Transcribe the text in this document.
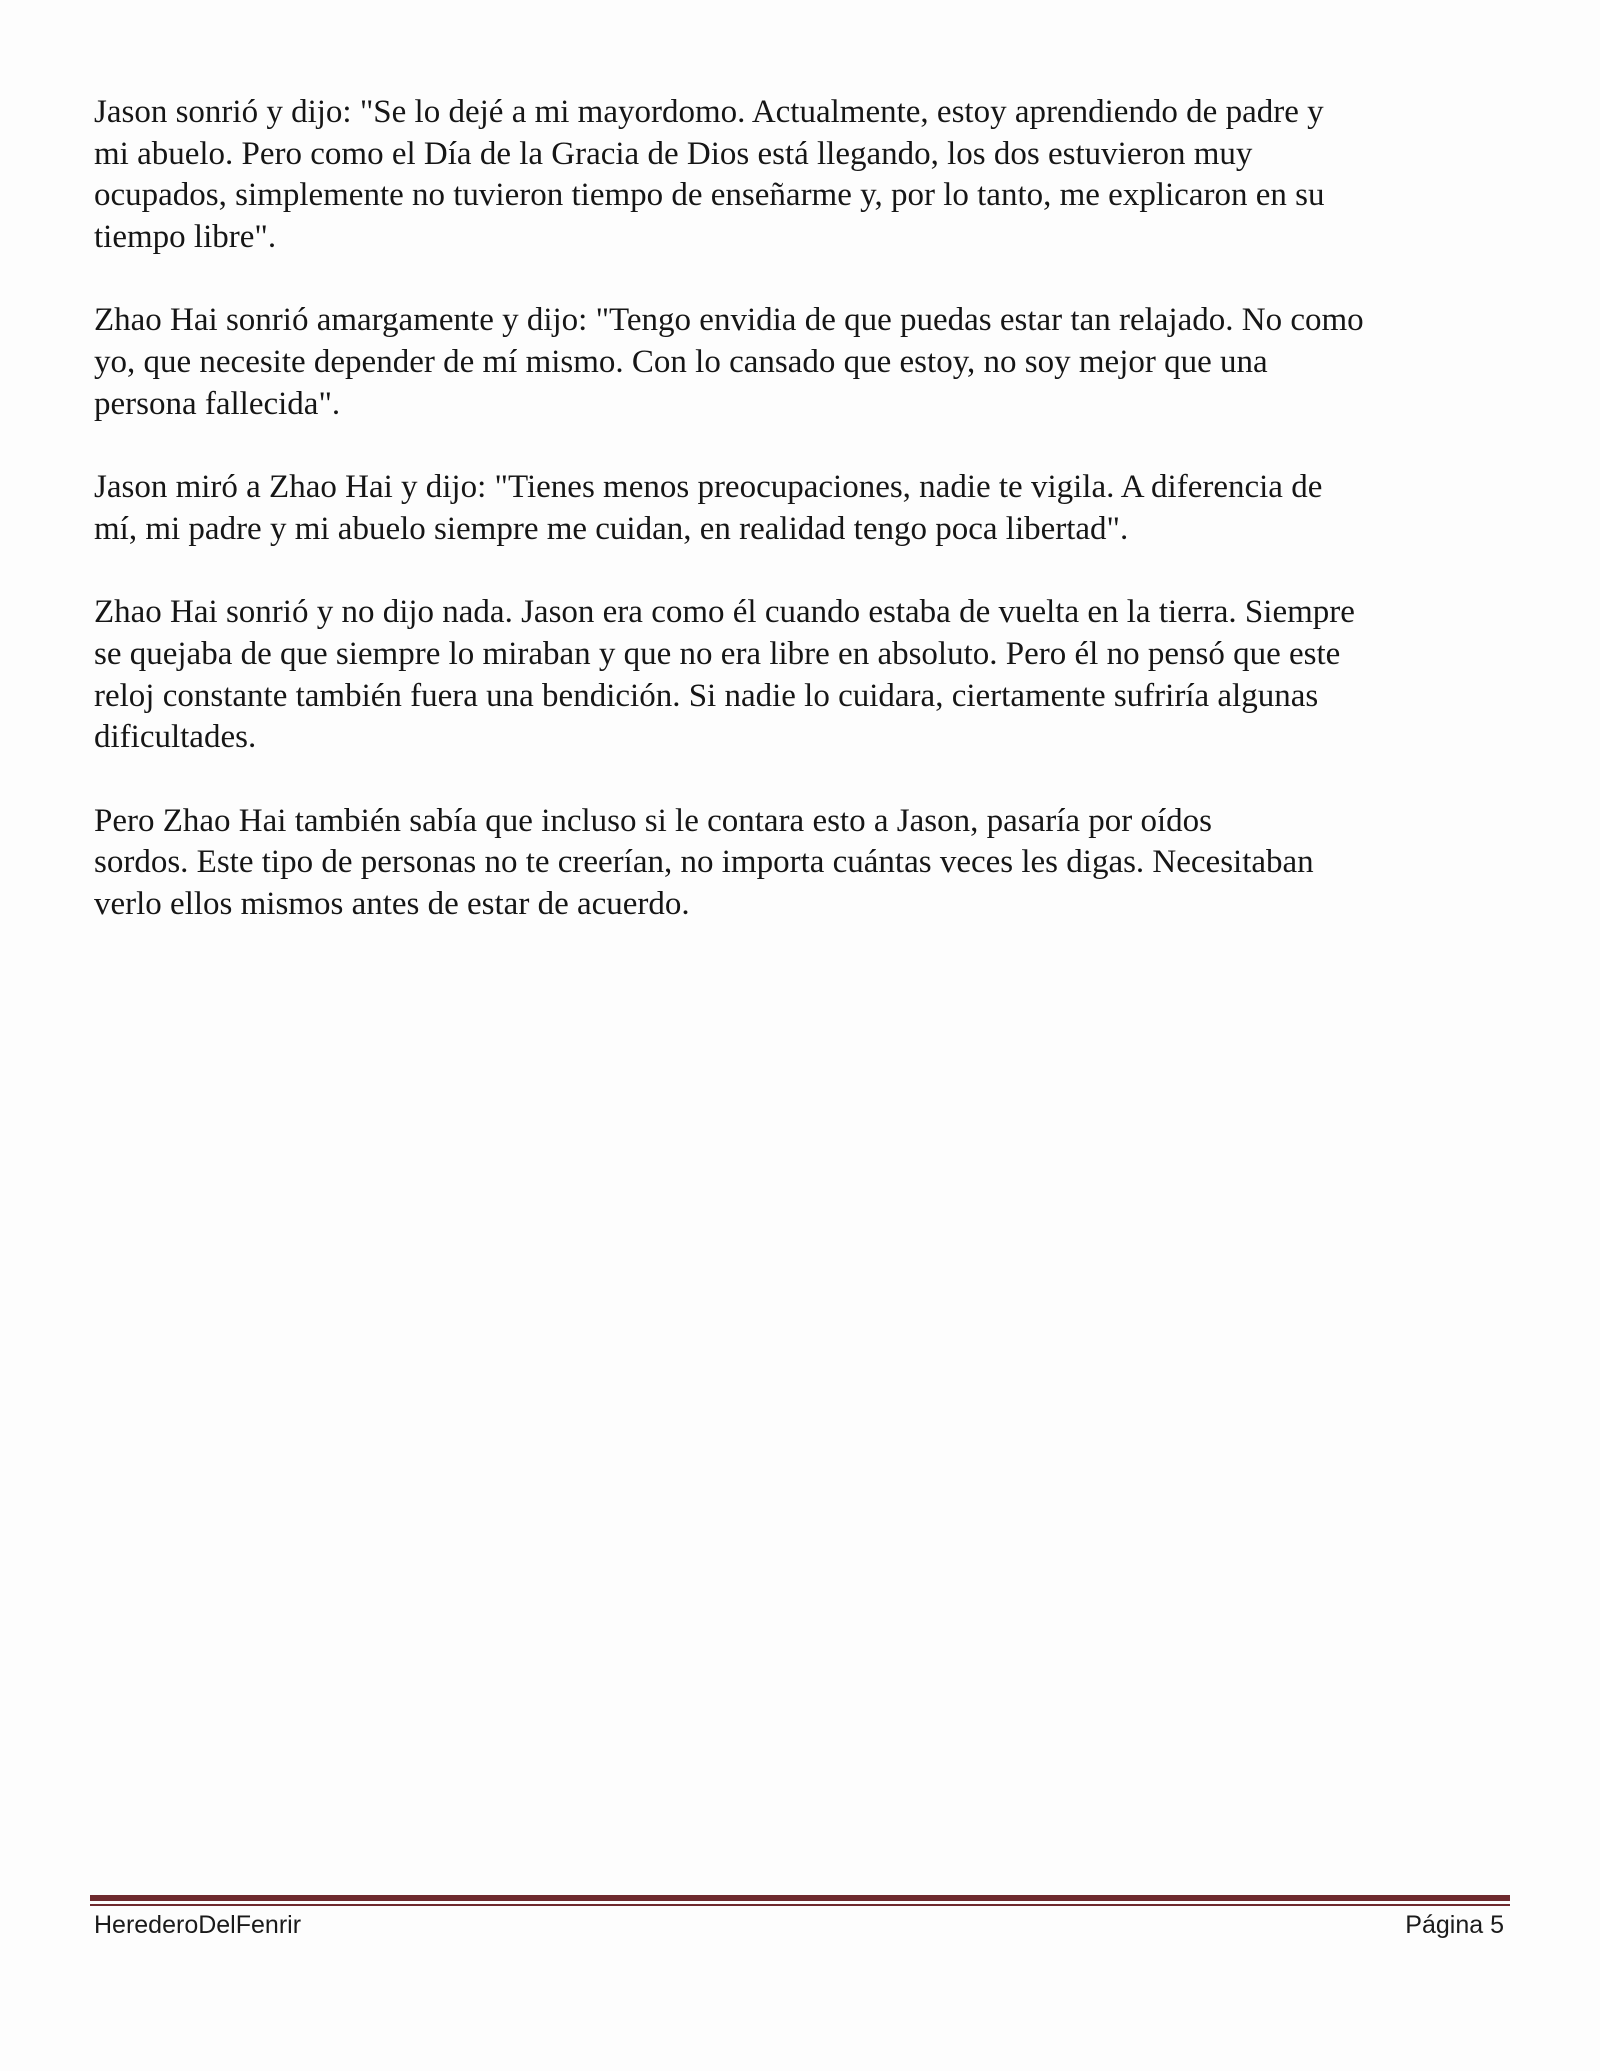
Jason sonrió y dijo: "Se lo dejé a mi mayordomo. Actualmente, estoy aprendiendo de padre y
mi abuelo. Pero como el Día de la Gracia de Dios está llegando, los dos estuvieron muy
ocupados, simplemente no tuvieron tiempo de enseñarme y, por lo tanto, me explicaron en su
tiempo libre".

Zhao Hai sonrió amargamente y dijo: "Tengo envidia de que puedas estar tan relajado. No como
yo, que necesite depender de mí mismo. Con lo cansado que estoy, no soy mejor que una
persona fallecida".

Jason miró a Zhao Hai y dijo: "Tienes menos preocupaciones, nadie te vigila. A diferencia de
mí, mi padre y mi abuelo siempre me cuidan, en realidad tengo poca libertad".

Zhao Hai sonrió y no dijo nada. Jason era como él cuando estaba de vuelta en la tierra. Siempre
se quejaba de que siempre lo miraban y que no era libre en absoluto. Pero él no pensó que este
reloj constante también fuera una bendición. Si nadie lo cuidara, ciertamente sufriría algunas
dificultades.

Pero Zhao Hai también sabía que incluso si le contara esto a Jason, pasaría por oídos
sordos. Este tipo de personas no te creerían, no importa cuántas veces les digas. Necesitaban
verlo ellos mismos antes de estar de acuerdo.

HerederoDelFenrir	Página 5
